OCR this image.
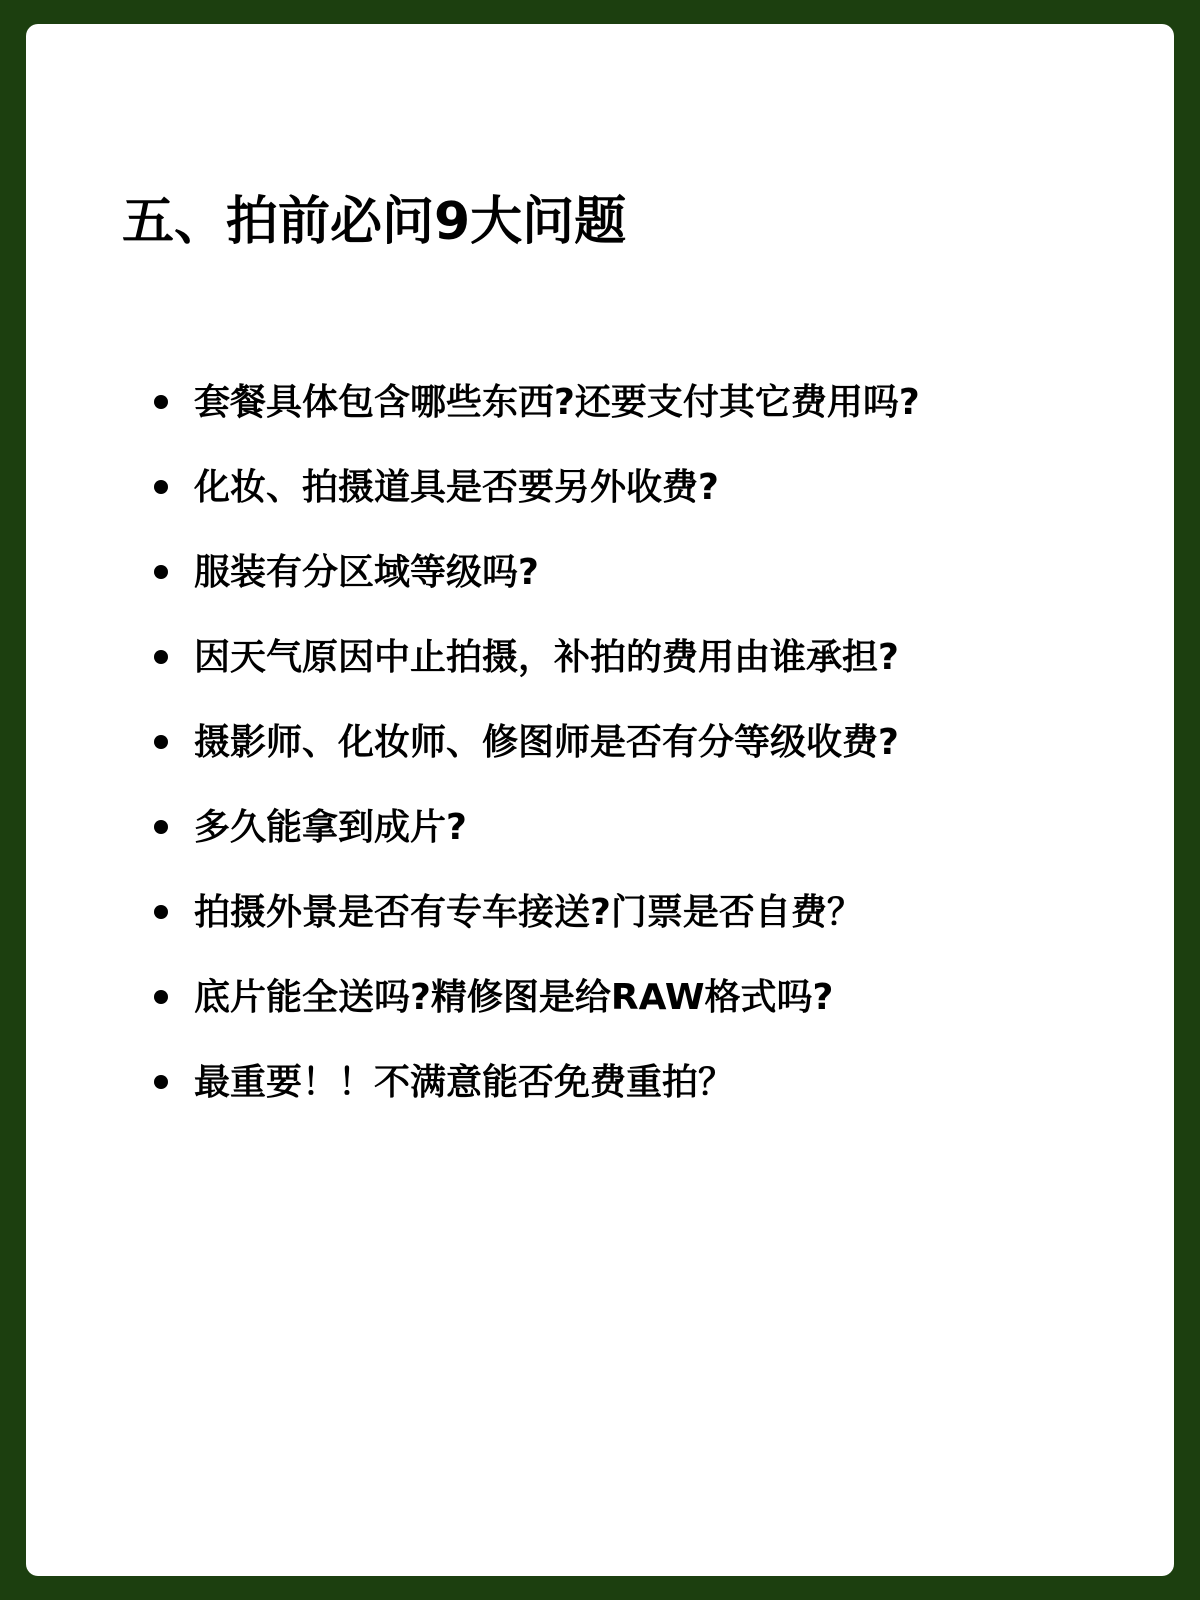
五、拍前必问9大问题
套餐具体包含哪些东西?还要支付其它费用吗?
化妆、拍摄道具是否要另外收费?
服装有分区域等级吗?
因天气原因中止拍摄，补拍的费用由谁承担?
摄影师、化妆师、修图师是否有分等级收费?
多久能拿到成片?
拍摄外景是否有专车接送?门票是否自费？
底片能全送吗?精修图是给RAW格式吗?
最重要！！不满意能否免费重拍？
